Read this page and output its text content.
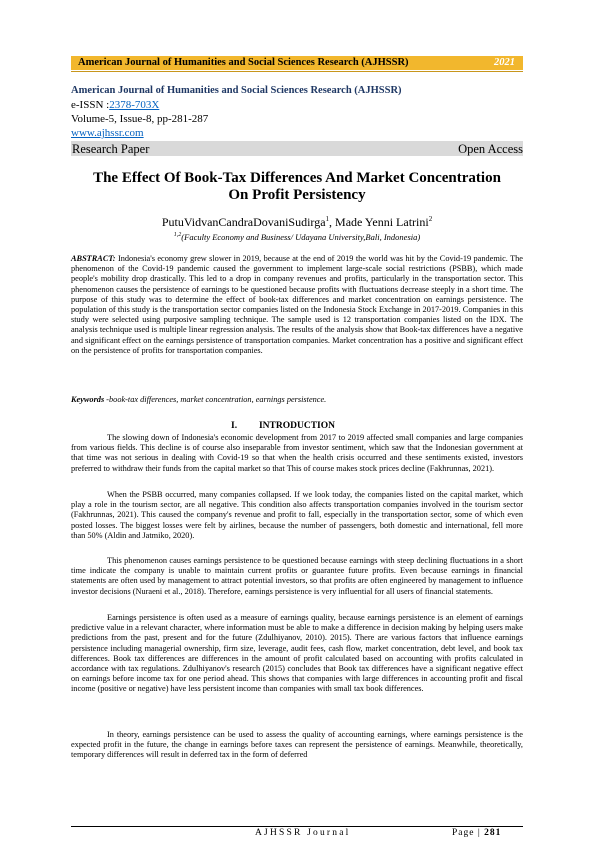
American Journal of Humanities and Social Sciences Research (AJHSSR)	2021
American Journal of Humanities and Social Sciences Research (AJHSSR)
e-ISSN :2378-703X
Volume-5, Issue-8, pp-281-287
www.ajhssr.com
Research Paper	Open Access
The Effect Of Book-Tax Differences And Market Concentration
On Profit Persistency
PutuVidvanCandraDovaniSudirga$^1$, Made Yenni Latrini$^2$
$^{1,2}$(Faculty Economy and Business/ Udayana University,Bali, Indonesia)
ABSTRACT: Indonesia's economy grew slower in 2019, because at the end of 2019 the world was hit by the Covid-19 pandemic. The phenomenon of the Covid-19 pandemic caused the government to implement large-scale social restrictions (PSBB), which made people's mobility drop drastically. This led to a drop in company revenues and profits, particularly in the transportation sector. This phenomenon causes the persistence of earnings to be questioned because profits with fluctuations decrease steeply in a short time. The purpose of this study was to determine the effect of book-tax differences and market concentration on earnings persistence. The population of this study is the transportation sector companies listed on the Indonesia Stock Exchange in 2017-2019. Companies in this study were selected using purposive sampling technique. The sample used is 12 transportation companies listed on the IDX. The analysis technique used is multiple linear regression analysis. The results of the analysis show that Book-tax differences have a negative and significant effect on the earnings persistence of transportation companies. Market concentration has a positive and significant effect on the persistence of profits for transportation companies.
Keywords -book-tax differences, market concentration, earnings persistence.
I. INTRODUCTION
The slowing down of Indonesia's economic development from 2017 to 2019 affected small companies and large companies from various fields. This decline is of course also inseparable from investor sentiment, which saw that the Indonesian government at that time was not serious in dealing with Covid-19 so that when the health crisis occurred and these sentiments existed, investors preferred to withdraw their funds from the capital market so that This of course makes stock prices decline (Fakhrunnas, 2021).
When the PSBB occurred, many companies collapsed. If we look today, the companies listed on the capital market, which play a role in the tourism sector, are all negative. This condition also affects transportation companies involved in the tourism sector (Fakhrunnas, 2021). This caused the company's revenue and profit to fall, especially in the transportation sector, some of which even posted losses. The biggest losses were felt by airlines, because the number of passengers, both domestic and international, fell more than 50% (Aldin and Jatmiko, 2020).
This phenomenon causes earnings persistence to be questioned because earnings with steep declining fluctuations in a short time indicate the company is unable to maintain current profits or guarantee future profits. Even because earnings in financial statements are often used by management to attract potential investors, so that profits are often engineered by management to influence investor decisions (Nuraeni et al., 2018). Therefore, earnings persistence is very influential for all users of financial statements.
Earnings persistence is often used as a measure of earnings quality, because earnings persistence is an element of earnings predictive value in a relevant character, where information must be able to make a difference in decision making by helping users make predictions from the past, present and for the future (Zdulhiyanov, 2010). 2015). There are various factors that influence earnings persistence including managerial ownership, firm size, leverage, audit fees, cash flow, market concentration, debt level, and book tax differences. Book tax differences are differences in the amount of profit calculated based on accounting with profits calculated in accordance with tax regulations. Zdulhiyanov's research (2015) concludes that Book tax differences have a significant negative effect on earnings before income tax for one period ahead. This shows that companies with large differences in accounting profit and fiscal income (positive or negative) have less persistent income than companies with small tax book differences.
In theory, earnings persistence can be used to assess the quality of accounting earnings, where earnings persistence is the expected profit in the future, the change in earnings before taxes can represent the persistence of earnings. Meanwhile, theoretically, temporary differences will result in deferred tax in the form of deferred
AJHSSR Journal	Page | 281
